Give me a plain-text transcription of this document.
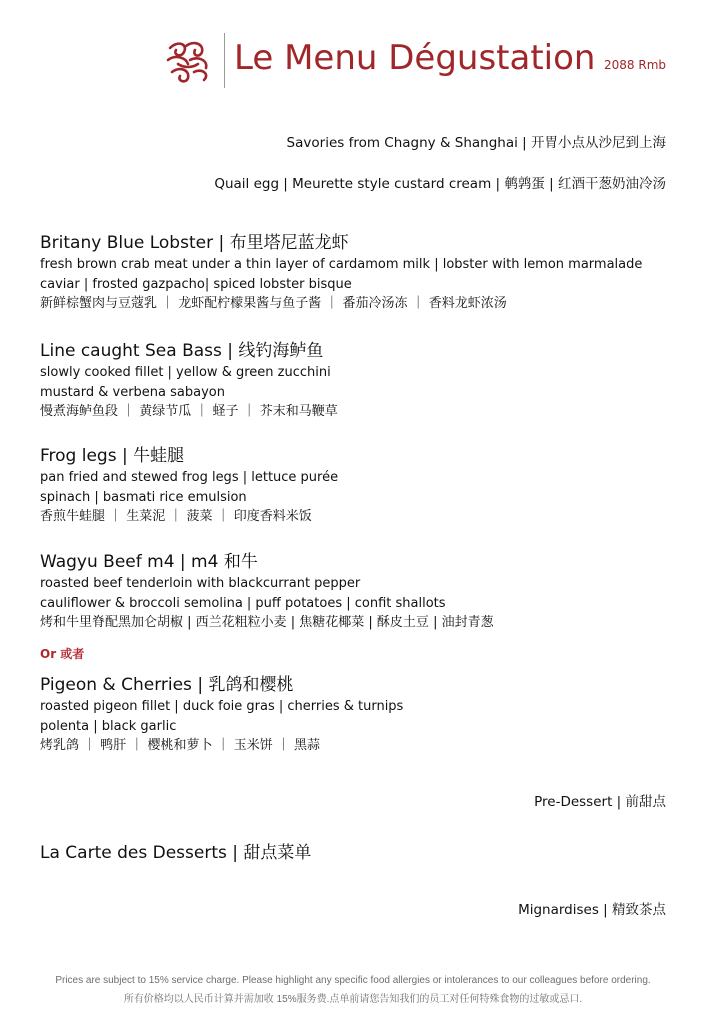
Le Menu Dégustation 2088 Rmb
Savories from Chagny & Shanghai | 开胃小点从沙尼到上海
Quail egg | Meurette style custard cream | 鹌鹑蛋 | 红酒干葱奶油冷汤
Britany Blue Lobster | 布里塔尼蓝龙虾
fresh brown crab meat under a thin layer of cardamom milk | lobster with lemon marmalade
caviar | frosted gazpacho| spiced lobster bisque
新鲜棕蟹肉与豆蔻乳 ｜ 龙虾配柠檬果酱与鱼子酱 ｜ 番茄冷汤冻 ｜ 香料龙虾浓汤
Line caught Sea Bass | 线钓海鲈鱼
slowly cooked fillet | yellow & green zucchini
mustard & verbena sabayon
慢煮海鲈鱼段 ｜ 黄绿节瓜 ｜ 蛏子 ｜ 芥末和马鞭草
Frog legs | 牛蛙腿
pan fried and stewed frog legs | lettuce purée
spinach | basmati rice emulsion
香煎牛蛙腿 ｜ 生菜泥 ｜ 菠菜 ｜ 印度香料米饭
Wagyu Beef m4 | m4 和牛
roasted beef tenderloin with blackcurrant pepper
cauliflower & broccoli semolina | puff potatoes | confit shallots
烤和牛里脊配黑加仑胡椒 | 西兰花粗粒小麦 | 焦糖花椰菜 | 酥皮土豆 | 油封青葱
Or 或者
Pigeon & Cherries | 乳鸽和樱桃
roasted pigeon fillet | duck foie gras | cherries & turnips
polenta | black garlic
烤乳鸽 ｜ 鸭肝 ｜ 樱桃和萝卜 ｜ 玉米饼 ｜ 黑蒜
Pre-Dessert | 前甜点
La Carte des Desserts | 甜点菜单
Mignardises | 精致茶点
Prices are subject to 15% service charge. Please highlight any specific food allergies or intolerances to our colleagues before ordering.
所有价格均以人民币计算并需加收 15%服务费.点单前请您告知我们的员工对任何特殊食物的过敏或忌口.
